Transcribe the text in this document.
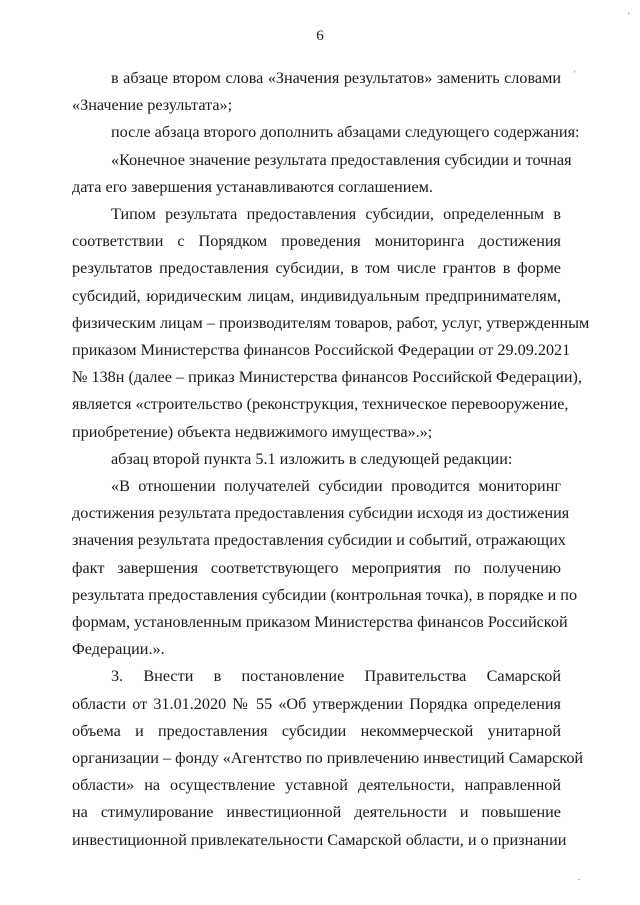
6
в абзаце втором слова «Значения результатов» заменить словами
«Значение результата»;
после абзаца второго дополнить абзацами следующего содержания:
«Конечное значение результата предоставления субсидии и точная
дата его завершения устанавливаются соглашением.
Типом результата предоставления субсидии, определенным в
соответствии с Порядком проведения мониторинга достижения
результатов предоставления субсидии, в том числе грантов в форме
субсидий, юридическим лицам, индивидуальным предпринимателям,
физическим лицам – производителям товаров, работ, услуг, утвержденным
приказом Министерства финансов Российской Федерации от 29.09.2021
№ 138н (далее – приказ Министерства финансов Российской Федерации),
является «строительство (реконструкция, техническое перевооружение,
приобретение) объекта недвижимого имущества».»;
абзац второй пункта 5.1 изложить в следующей редакции:
«В отношении получателей субсидии проводится мониторинг
достижения результата предоставления субсидии исходя из достижения
значения результата предоставления субсидии и событий, отражающих
факт завершения соответствующего мероприятия по получению
результата предоставления субсидии (контрольная точка), в порядке и по
формам, установленным приказом Министерства финансов Российской
Федерации.».
3. Внести в постановление Правительства Самарской
области от 31.01.2020 № 55 «Об утверждении Порядка определения
объема и предоставления субсидии некоммерческой унитарной
организации – фонду «Агентство по привлечению инвестиций Самарской
области» на осуществление уставной деятельности, направленной
на стимулирование инвестиционной деятельности и повышение
инвестиционной привлекательности Самарской области, и о признании
'
'
.
